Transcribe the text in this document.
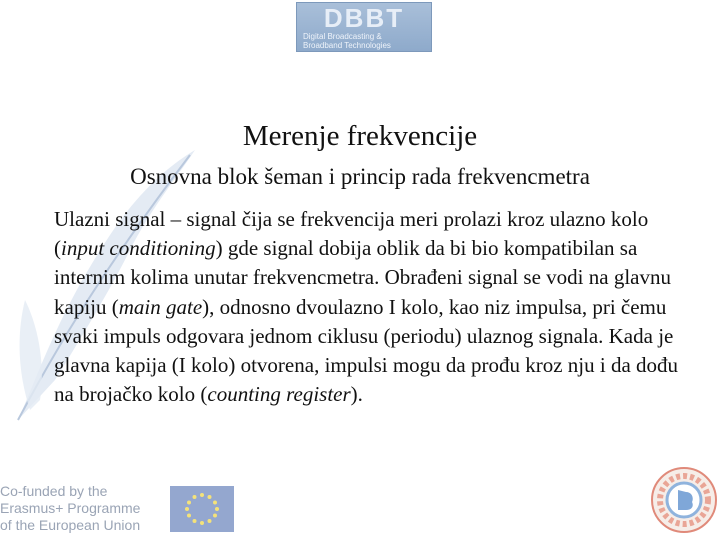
DBBT
Digital Broadcasting &
Broadband Technologies
Merenje frekvencije
Osnovna blok šeman i princip rada frekvencmetra
Ulazni signal – signal čija se frekvencija meri prolazi kroz ulazno kolo (input conditioning) gde signal dobija oblik da bi bio kompatibilan sa internim kolima unutar frekvencmetra. Obrađeni signal se vodi na glavnu kapiju (main gate), odnosno dvoulazno I kolo, kao niz impulsa, pri čemu svaki impuls odgovara jednom ciklusu (periodu) ulaznog signala. Kada je glavna kapija (I kolo) otvorena, impulsi mogu da prođu kroz nju i da dođu na brojačko kolo (counting register).
Co-funded by the
Erasmus+ Programme
of the European Union
